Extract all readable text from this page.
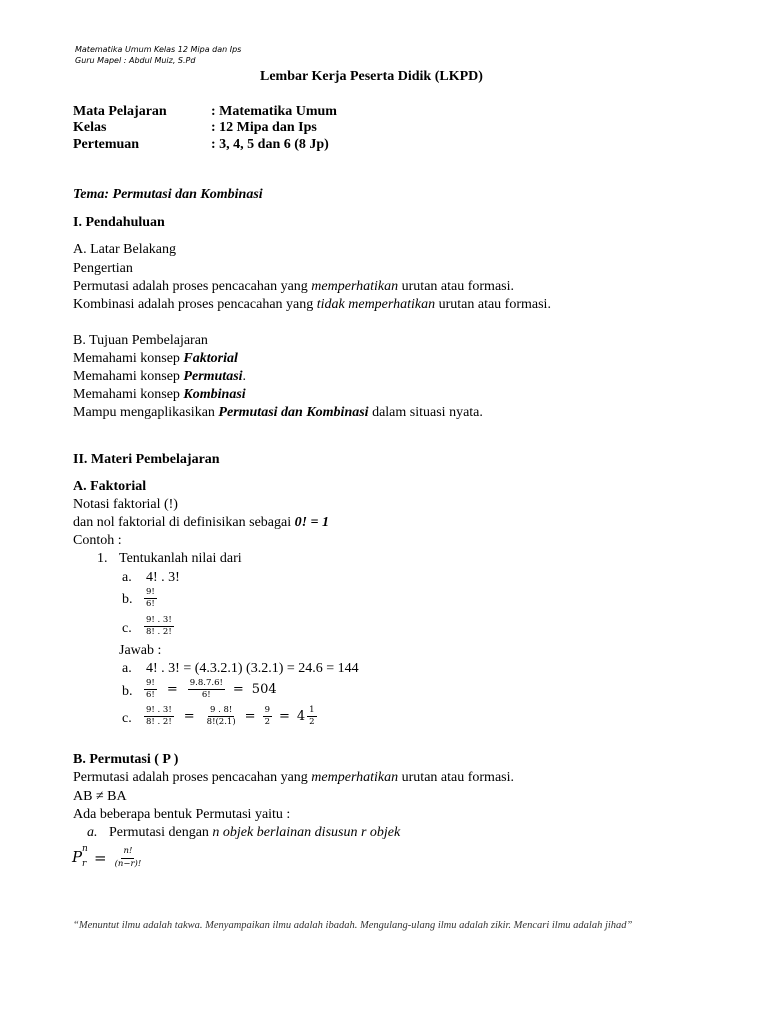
Matematika Umum Kelas 12 Mipa dan Ips
Guru Mapel : Abdul Muiz, S.Pd
Lembar Kerja Peserta Didik (LKPD)
Mata Pelajaran	: Matematika Umum
Kelas	: 12 Mipa dan Ips
Pertemuan	: 3, 4, 5 dan 6 (8 Jp)
Tema: Permutasi dan Kombinasi
I. Pendahuluan
A. Latar Belakang
Pengertian
Permutasi adalah proses pencacahan yang memperhatikan urutan atau formasi.
Kombinasi adalah proses pencacahan yang tidak memperhatikan urutan atau formasi.
B. Tujuan Pembelajaran
Memahami konsep Faktorial
Memahami konsep Permutasi.
Memahami konsep Kombinasi
Mampu mengaplikasikan Permutasi dan Kombinasi dalam situasi nyata.
II. Materi Pembelajaran
A. Faktorial
Notasi faktorial (!)
dan nol faktorial di definisikan sebagai 0! = 1
Contoh :
1. Tentukanlah nilai dari
a. 4! . 3!
b. $\frac{9!}{6!}$
c. $\frac{9! . 3!}{8! . 2!}$
Jawab :
a. 4! . 3! = (4.3.2.1) (3.2.1) = 24.6 = 144
b. $\frac{9!}{6!} = \frac{9.8.7.6!}{6!} = 504$
c. $\frac{9! . 3!}{8! . 2!} = \frac{9 . 8!}{8!(2.1)} = \frac{9}{2} = 4 \frac{1}{2}$
B. Permutasi ( P )
Permutasi adalah proses pencacahan yang memperhatikan urutan atau formasi.
AB ≠ BA
Ada beberapa bentuk Permutasi yaitu :
a. Permutasi dengan n objek berlainan disusun r objek
P n
$r = \frac{n!}{(n-r)!}$
“Menuntut ilmu adalah takwa. Menyampaikan ilmu adalah ibadah. Mengulang-ulang ilmu adalah zikir. Mencari ilmu adalah jihad”
